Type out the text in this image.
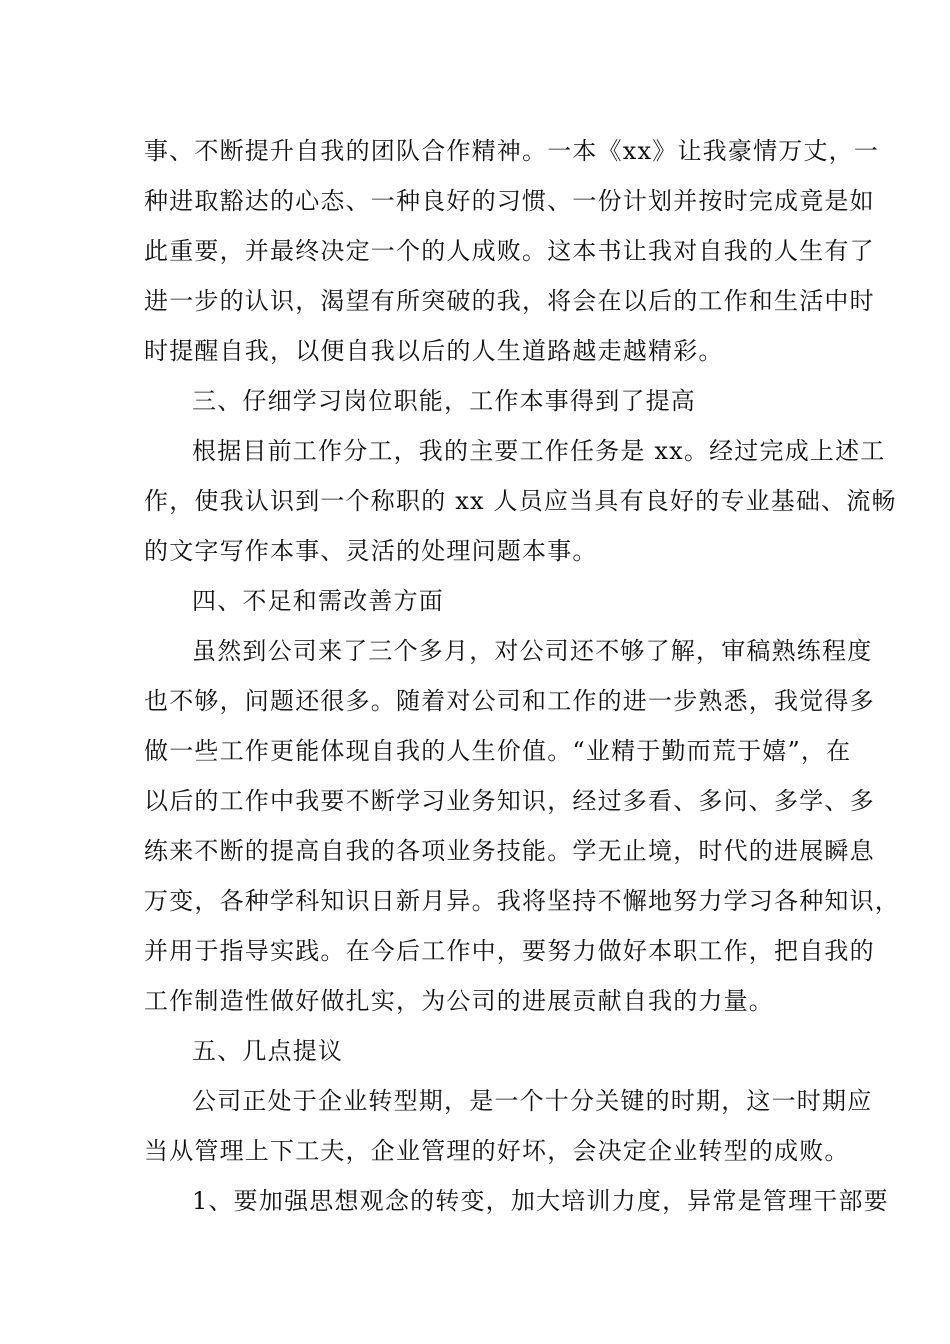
事、不断提升自我的团队合作精神。一本《xx》让我豪情万丈，一
种进取豁达的心态、一种良好的习惯、一份计划并按时完成竟是如
此重要，并最终决定一个的人成败。这本书让我对自我的人生有了
进一步的认识，渴望有所突破的我，将会在以后的工作和生活中时
时提醒自我，以便自我以后的人生道路越走越精彩。
三、仔细学习岗位职能，工作本事得到了提高
根据目前工作分工，我的主要工作任务是 xx。经过完成上述工
作，使我认识到一个称职的 xx 人员应当具有良好的专业基础、流畅
的文字写作本事、灵活的处理问题本事。
四、不足和需改善方面
虽然到公司来了三个多月，对公司还不够了解，审稿熟练程度
也不够，问题还很多。随着对公司和工作的进一步熟悉，我觉得多
做一些工作更能体现自我的人生价值。“业精于勤而荒于嬉”，在
以后的工作中我要不断学习业务知识，经过多看、多问、多学、多
练来不断的提高自我的各项业务技能。学无止境，时代的进展瞬息
万变，各种学科知识日新月异。我将坚持不懈地努力学习各种知识，
并用于指导实践。在今后工作中，要努力做好本职工作，把自我的
工作制造性做好做扎实，为公司的进展贡献自我的力量。
五、几点提议
公司正处于企业转型期，是一个十分关键的时期，这一时期应
当从管理上下工夫，企业管理的好坏，会决定企业转型的成败。
1、要加强思想观念的转变，加大培训力度，异常是管理干部要
